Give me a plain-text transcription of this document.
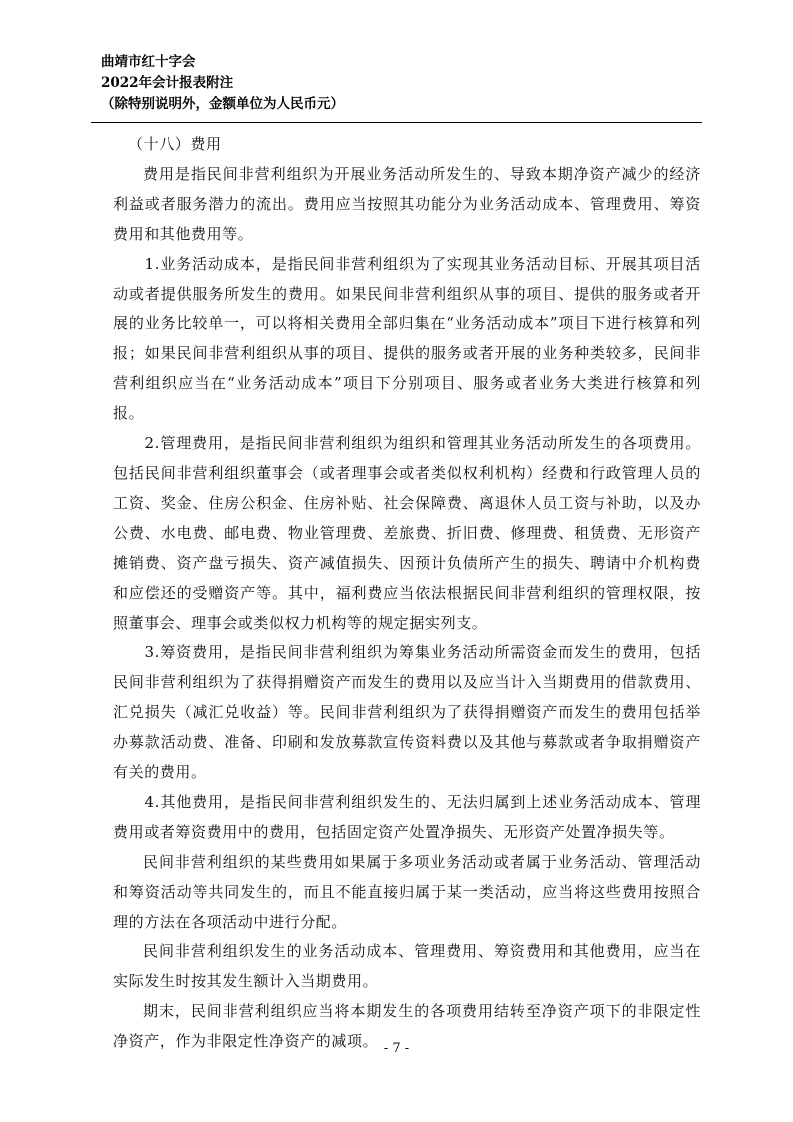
曲靖市红十字会
2022年会计报表附注
（除特别说明外，金额单位为人民币元）

（十八）费用

费用是指民间非营利组织为开展业务活动所发生的、导致本期净资产减少的经济利益或者服务潜力的流出。费用应当按照其功能分为业务活动成本、管理费用、筹资费用和其他费用等。

1.业务活动成本，是指民间非营利组织为了实现其业务活动目标、开展其项目活动或者提供服务所发生的费用。如果民间非营利组织从事的项目、提供的服务或者开展的业务比较单一，可以将相关费用全部归集在“业务活动成本”项目下进行核算和列报；如果民间非营利组织从事的项目、提供的服务或者开展的业务种类较多，民间非营利组织应当在“业务活动成本”项目下分别项目、服务或者业务大类进行核算和列报。

2.管理费用，是指民间非营利组织为组织和管理其业务活动所发生的各项费用。包括民间非营利组织董事会（或者理事会或者类似权利机构）经费和行政管理人员的工资、奖金、住房公积金、住房补贴、社会保障费、离退休人员工资与补助，以及办公费、水电费、邮电费、物业管理费、差旅费、折旧费、修理费、租赁费、无形资产摊销费、资产盘亏损失、资产减值损失、因预计负债所产生的损失、聘请中介机构费和应偿还的受赠资产等。其中，福利费应当依法根据民间非营利组织的管理权限，按照董事会、理事会或类似权力机构等的规定据实列支。

3.筹资费用，是指民间非营利组织为筹集业务活动所需资金而发生的费用，包括民间非营利组织为了获得捐赠资产而发生的费用以及应当计入当期费用的借款费用、汇兑损失（减汇兑收益）等。民间非营利组织为了获得捐赠资产而发生的费用包括举办募款活动费、准备、印刷和发放募款宣传资料费以及其他与募款或者争取捐赠资产有关的费用。

4.其他费用，是指民间非营利组织发生的、无法归属到上述业务活动成本、管理费用或者筹资费用中的费用，包括固定资产处置净损失、无形资产处置净损失等。

民间非营利组织的某些费用如果属于多项业务活动或者属于业务活动、管理活动和筹资活动等共同发生的，而且不能直接归属于某一类活动，应当将这些费用按照合理的方法在各项活动中进行分配。

民间非营利组织发生的业务活动成本、管理费用、筹资费用和其他费用，应当在实际发生时按其发生额计入当期费用。

期末，民间非营利组织应当将本期发生的各项费用结转至净资产项下的非限定性净资产，作为非限定性净资产的减项。 - 7 -
